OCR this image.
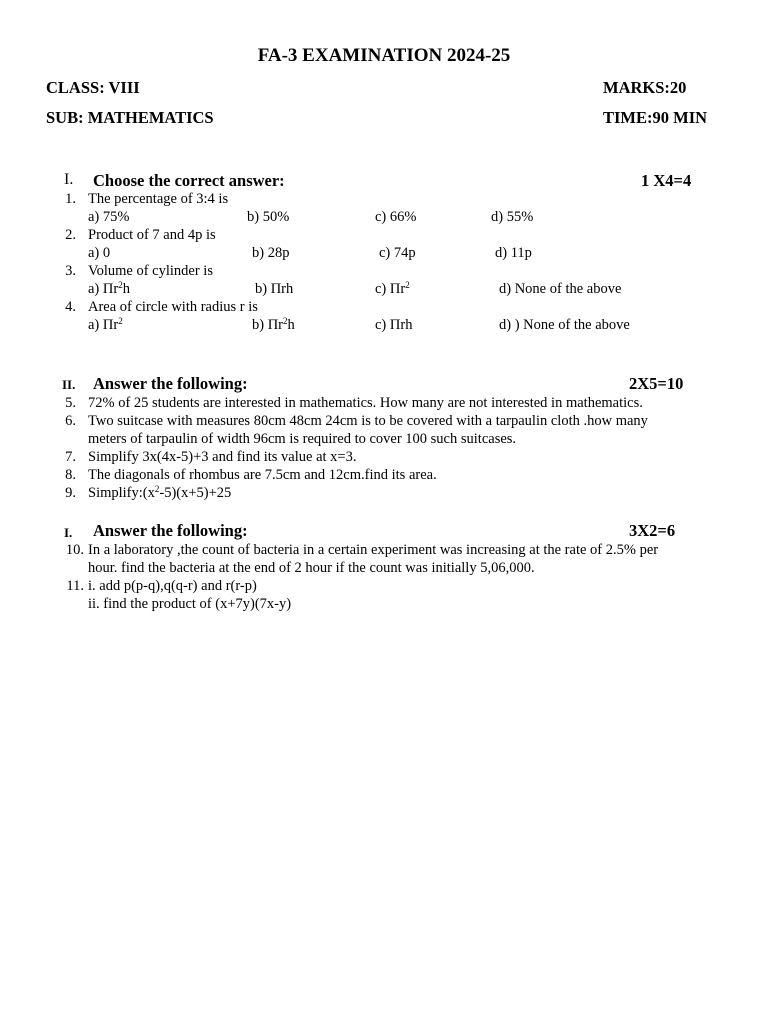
FA-3 EXAMINATION 2024-25
CLASS: VIII	MARKS:20
SUB: MATHEMATICS	TIME:90 MIN
I. Choose the correct answer:	1 X4=4
1. The percentage of 3:4 is
a) 75%	b) 50%	c) 66%	d) 55%
2. Product of 7 and 4p is
a) 0	b) 28p	c) 74p	d) 11p
3. Volume of cylinder is
a) $\Pi r^2h$	b) Πrh	c) $\Pi r^2$	d) None of the above
4. Area of circle with radius r is
a) $\Pi r^2$	b) $\Pi r^2h$	c) Πrh	d) ) None of the above
II. Answer the following:	2X5=10
5. 72% of 25 students are interested in mathematics. How many are not interested in mathematics.
6. Two suitcase with measures 80cm 48cm 24cm is to be covered with a tarpaulin cloth .how many
meters of tarpaulin of width 96cm is required to cover 100 such suitcases.
7. Simplify 3x(4x-5)+3 and find its value at x=3.
8. The diagonals of rhombus are 7.5cm and 12cm.find its area.
9. $Simplify:(x^2-5)(x+5)+25$
I. Answer the following:	3X2=6
10. In a laboratory ,the count of bacteria in a certain experiment was increasing at the rate of 2.5% per
hour. find the bacteria at the end of 2 hour if the count was initially 5,06,000.
11. i. add p(p-q),q(q-r) and r(r-p)
ii. find the product of (x+7y)(7x-y)
